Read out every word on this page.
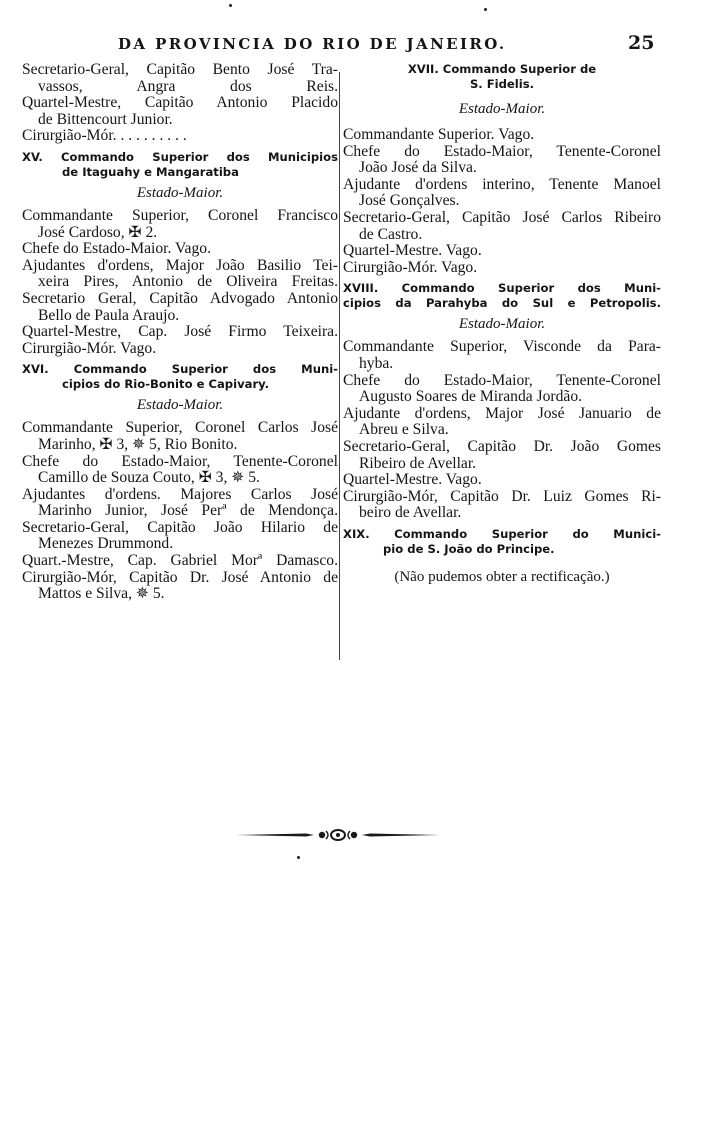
DA PROVINCIA DO RIO DE JANEIRO.	25
Secretario-Geral, Capitão Bento José Tra-
vassos, Angra dos Reis.
Quartel-Mestre, Capitão Antonio Placido
de Bittencourt Junior.
Cirurgião-Mór. . . . . . . . . .
XV. Commando Superior dos Municipios
de Itaguahy e Mangaratiba
Estado-Maior.
Commandante Superior, Coronel Francisco
José Cardoso, ✠ 2.
Chefe do Estado-Maior. Vago.
Ajudantes d'ordens, Major João Basilio Tei-
xeira Pires, Antonio de Oliveira Freitas.
Secretario Geral, Capitão Advogado Antonio
Bello de Paula Araujo.
Quartel-Mestre, Cap. José Firmo Teixeira.
Cirurgião-Mór. Vago.
XVI. Commando Superior dos Muni-
cipios do Rio-Bonito e Capivary.
Estado-Maior.
Commandante Superior, Coronel Carlos José
Marinho, ✠ 3, ✵ 5, Rio Bonito.
Chefe do Estado-Maior, Tenente-Coronel
Camillo de Souza Couto, ✠ 3, ✵ 5.
Ajudantes d'ordens. Majores Carlos José
Marinho Junior, José Perª de Mendonça.
Secretario-Geral, Capitão João Hilario de
Menezes Drummond.
Quart.-Mestre, Cap. Gabriel Morª Damasco.
Cirurgião-Mór, Capitão Dr. José Antonio de
Mattos e Silva, ✵ 5.
XVII. Commando Superior de
S. Fidelis.
Estado-Maior.
Commandante Superior. Vago.
Chefe do Estado-Maior, Tenente-Coronel
João José da Silva.
Ajudante d'ordens interino, Tenente Manoel
José Gonçalves.
Secretario-Geral, Capitão José Carlos Ribeiro
de Castro.
Quartel-Mestre. Vago.
Cirurgião-Mór. Vago.
XVIII. Commando Superior dos Muni-
cipios da Parahyba do Sul e Petropolis.
Estado-Maior.
Commandante Superior, Visconde da Para-
hyba.
Chefe do Estado-Maior, Tenente-Coronel
Augusto Soares de Miranda Jordão.
Ajudante d'ordens, Major José Januario de
Abreu e Silva.
Secretario-Geral, Capitão Dr. João Gomes
Ribeiro de Avellar.
Quartel-Mestre. Vago.
Cirurgião-Mór, Capitão Dr. Luiz Gomes Ri-
beiro de Avellar.
XIX. Commando Superior do Munici-
pio de S. João do Principe.
(Não pudemos obter a rectificação.)
